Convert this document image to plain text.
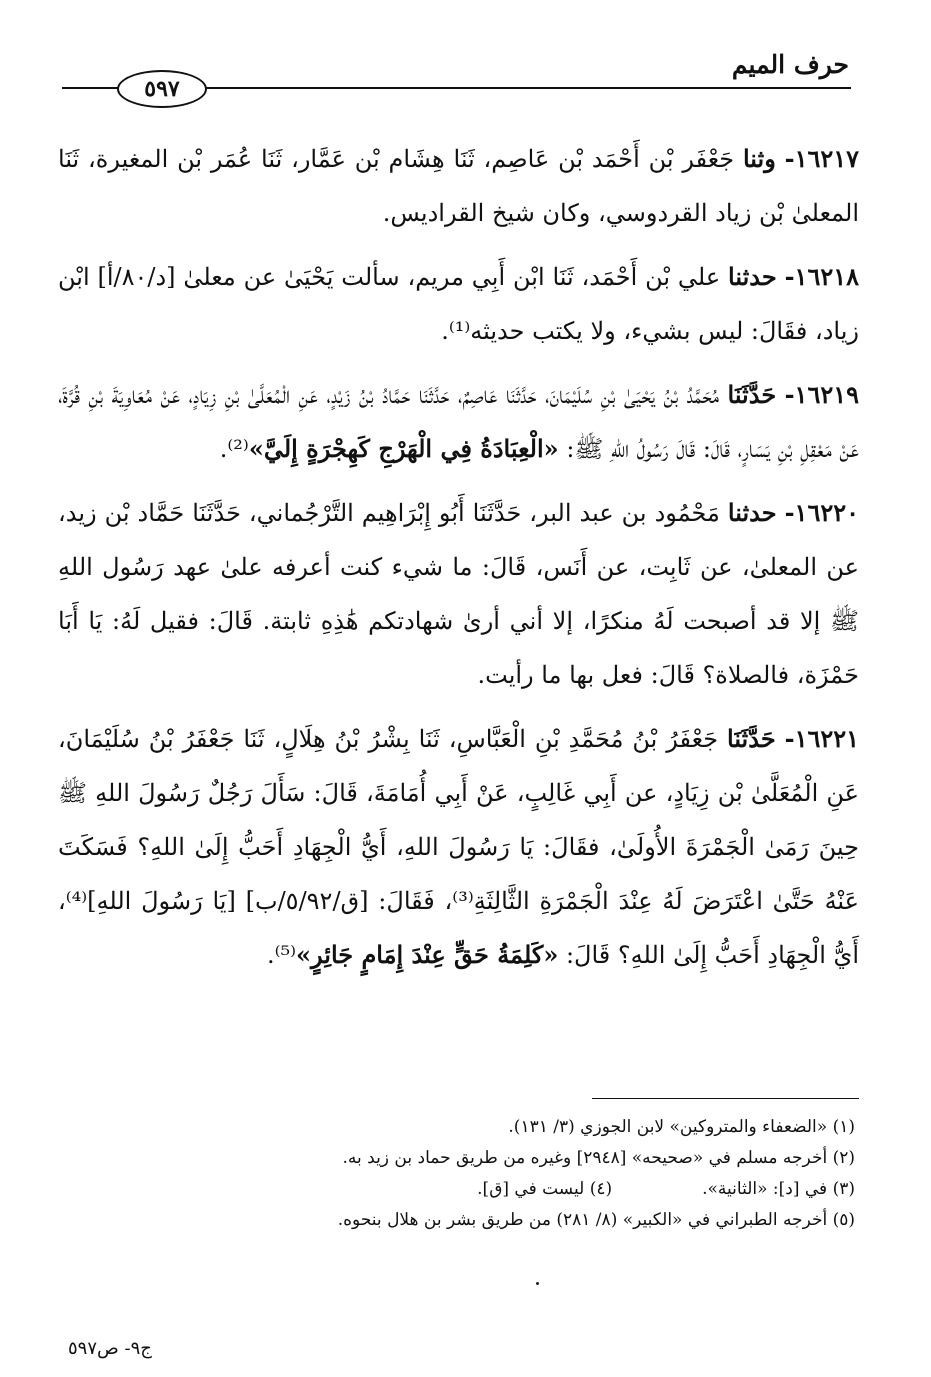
حرف الميم
٥٩٧

١٦٢١٧- وثنا جَعْفَر بْن أَحْمَد بْن عَاصِم، ثَنَا هِشَام بْن عَمَّار، ثَنَا عُمَر بْن المغيرة، ثَنَا المعلىٰ بْن زياد القردوسي، وكان شيخ القراديس.

١٦٢١٨- حدثنا علي بْن أَحْمَد، ثَنَا ابْن أَبِي مريم، سألت يَحْيَىٰ عن معلىٰ [د/٨٠/أ] ابْن زياد، فقَالَ: ليس بشيء، ولا يكتب حديثه⁽¹⁾.

١٦٢١٩- حَدَّثَنَا مُحَمَّدُ بْنُ يَحْيَىٰ بْنِ سُلَيْمَانَ، حَدَّثَنَا عَاصِمٌ، حَدَّثَنَا حَمَّادُ بْنُ زَيْدٍ، عَنِ الْمُعَلَّىٰ بْنِ زِيَادٍ، عَنْ مُعَاوِيَةَ بْنِ قُرَّةَ، عَنْ مَعْقِلِ بْنِ يَسَارٍ، قَالَ: قَالَ رَسُولُ اللهِ ﷺ: «الْعِبَادَةُ فِي الْهَرْجِ كَهِجْرَةٍ إِلَيَّ»⁽²⁾.

١٦٢٢٠- حدثنا مَحْمُود بن عبد البر، حَدَّثَنَا أَبُو إِبْرَاهِيم التَّرْجُماني، حَدَّثَنَا حَمَّاد بْن زيد، عن المعلىٰ، عن ثَابِت، عن أَنَس، قَالَ: ما شيء كنت أعرفه علىٰ عهد رَسُول اللهِ ﷺ إلا قد أصبحت لَهُ منكرًا، إلا أني أرىٰ شهادتكم هَٰذِهِ ثابتة. قَالَ: فقيل لَهُ: يَا أَبَا حَمْزَة، فالصلاة؟ قَالَ: فعل بها ما رأيت.

١٦٢٢١- حَدَّثَنَا جَعْفَرُ بْنُ مُحَمَّدِ بْنِ الْعَبَّاسِ، ثَنَا بِشْرُ بْنُ هِلَالٍ، ثَنَا جَعْفَرُ بْنُ سُلَيْمَانَ، عَنِ الْمُعَلَّىٰ بْن زِيَادٍ، عن أَبِي غَالِبٍ، عَنْ أَبِي أُمَامَةَ، قَالَ: سَأَلَ رَجُلٌ رَسُولَ اللهِ ﷺ حِينَ رَمَىٰ الْجَمْرَةَ الأُولَىٰ، فقَالَ: يَا رَسُولَ اللهِ، أَيُّ الْجِهَادِ أَحَبُّ إِلَىٰ اللهِ؟ فَسَكَتَ عَنْهُ حَتَّىٰ اعْتَرَضَ لَهُ عِنْدَ الْجَمْرَةِ الثَّالِثَةِ⁽³⁾، فَقَالَ: [ق/٥/٩٢/ب] [يَا رَسُولَ اللهِ]⁽⁴⁾، أَيُّ الْجِهَادِ أَحَبُّ إِلَىٰ اللهِ؟ قَالَ: «كَلِمَةُ حَقٍّ عِنْدَ إِمَامٍ جَائِرٍ»⁽⁵⁾.

(١) «الضعفاء والمتروكين» لابن الجوزي (٣/ ١٣١).

(٢) أخرجه مسلم في «صحيحه» [٢٩٤٨] وغيره من طريق حماد بن زيد به.

(٣) في [د]: «الثانية».
(٤) ليست في [ق].

(٥) أخرجه الطبراني في «الكبير» (٨/ ٢٨١) من طريق بشر بن هلال بنحوه.

ج٩- ص٥٩٧
